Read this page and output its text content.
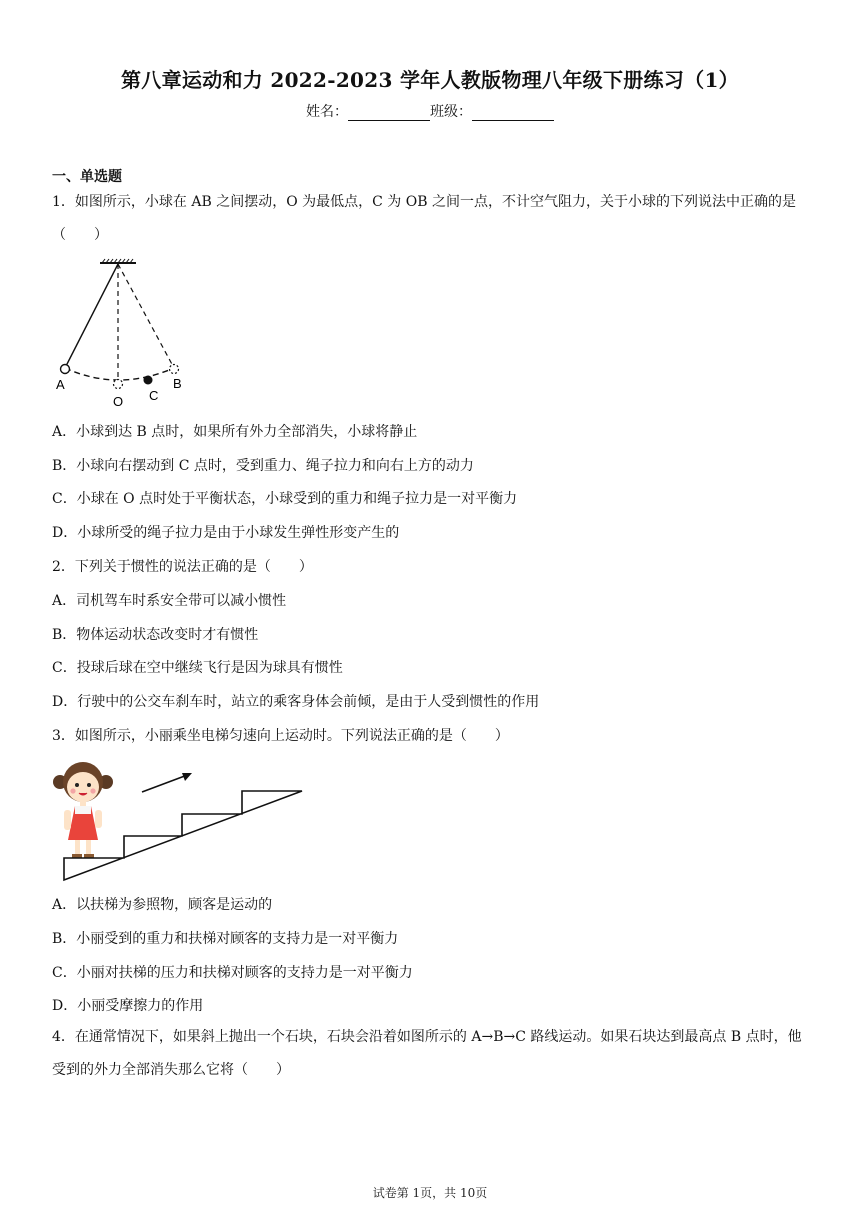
第八章运动和力 2022-2023 学年人教版物理八年级下册练习（1）
姓名：	班级：
一、单选题
1．如图所示，小球在 AB 之间摆动，O 为最低点，C 为 OB 之间一点，不计空气阻力，关于小球的下列说法中正确的是（　　）
A
O C
B
A．小球到达 B 点时，如果所有外力全部消失，小球将静止
B．小球向右摆动到 C 点时，受到重力、绳子拉力和向右上方的动力
C．小球在 O 点时处于平衡状态，小球受到的重力和绳子拉力是一对平衡力
D．小球所受的绳子拉力是由于小球发生弹性形变产生的
2．下列关于惯性的说法正确的是（　　）
A．司机驾车时系安全带可以减小惯性
B．物体运动状态改变时才有惯性
C．投球后球在空中继续飞行是因为球具有惯性
D．行驶中的公交车刹车时，站立的乘客身体会前倾，是由于人受到惯性的作用
3．如图所示，小丽乘坐电梯匀速向上运动时。下列说法正确的是（　　）
A．以扶梯为参照物，顾客是运动的
B．小丽受到的重力和扶梯对顾客的支持力是一对平衡力
C．小丽对扶梯的压力和扶梯对顾客的支持力是一对平衡力
D．小丽受摩擦力的作用
4．在通常情况下，如果斜上抛出一个石块，石块会沿着如图所示的 A→B→C 路线运动。如果石块达到最高点 B 点时，他受到的外力全部消失那么它将（　　）
试卷第 1页，共 10页
